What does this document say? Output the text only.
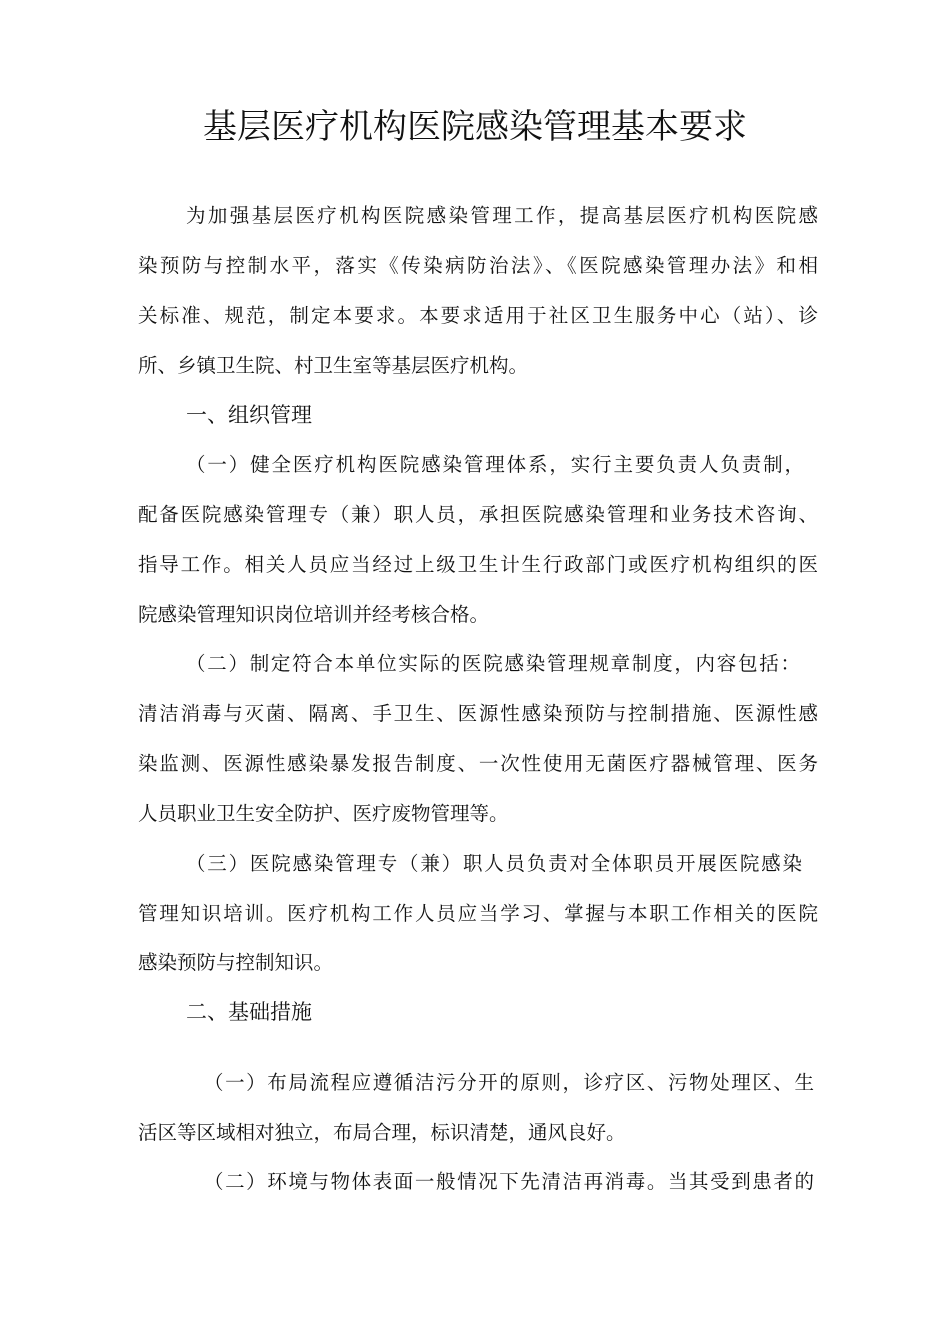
基层医疗机构医院感染管理基本要求

为加强基层医疗机构医院感染管理工作，提高基层医疗机构医院感

染预防与控制水平，落实《传染病防治法》、《医院感染管理办法》和相

关标准、规范，制定本要求。本要求适用于社区卫生服务中心（站）、诊

所、乡镇卫生院、村卫生室等基层医疗机构。

一、组织管理

（一）健全医疗机构医院感染管理体系，实行主要负责人负责制，

配备医院感染管理专（兼）职人员，承担医院感染管理和业务技术咨询、

指导工作。相关人员应当经过上级卫生计生行政部门或医疗机构组织的医

院感染管理知识岗位培训并经考核合格。

（二）制定符合本单位实际的医院感染管理规章制度，内容包括：

清洁消毒与灭菌、隔离、手卫生、医源性感染预防与控制措施、医源性感

染监测、医源性感染暴发报告制度、一次性使用无菌医疗器械管理、医务

人员职业卫生安全防护、医疗废物管理等。

（三）医院感染管理专（兼）职人员负责对全体职员开展医院感染

管理知识培训。医疗机构工作人员应当学习、掌握与本职工作相关的医院

感染预防与控制知识。

二、基础措施

（一）布局流程应遵循洁污分开的原则，诊疗区、污物处理区、生

活区等区域相对独立，布局合理，标识清楚，通风良好。

（二）环境与物体表面一般情况下先清洁再消毒。当其受到患者的
